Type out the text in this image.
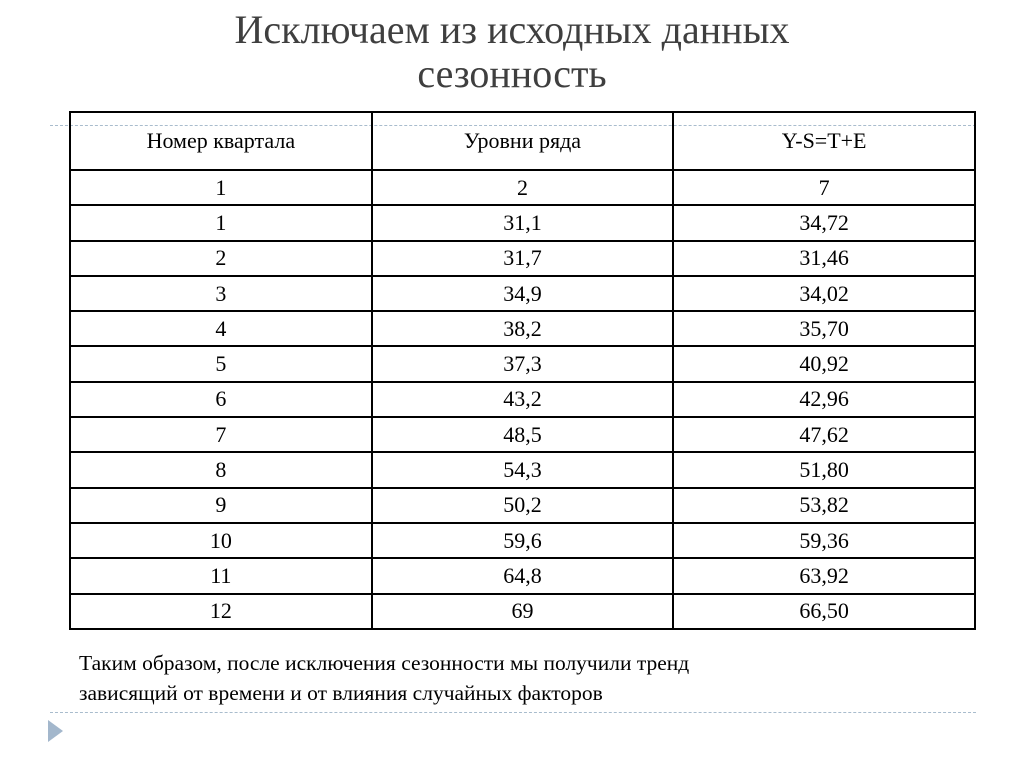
Исключаем из исходных данных
сезонность
Номер квартала	Уровни ряда	Y-S=T+E
1	2	7
1	31,1	34,72
2	31,7	31,46
3	34,9	34,02
4	38,2	35,70
5	37,3	40,92
6	43,2	42,96
7	48,5	47,62
8	54,3	51,80
9	50,2	53,82
10	59,6	59,36
11	64,8	63,92
12	69	66,50
Таким образом, после исключения сезонности мы получили тренд
зависящий от времени и от влияния случайных факторов
